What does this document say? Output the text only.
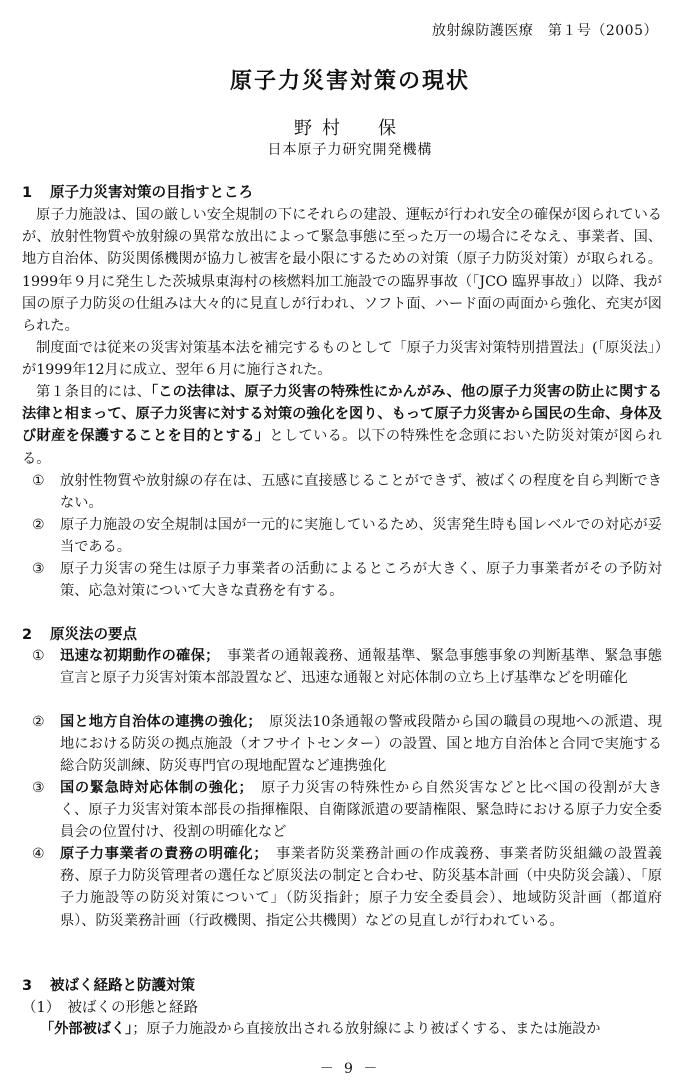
放射線防護医療　第１号（2005）
原子力災害対策の現状
野村　保
日本原子力研究開発機構
1 原子力災害対策の目指すところ
原子力施設は、国の厳しい安全規制の下にそれらの建設、運転が行われ安全の確保が図られているが、放射性物質や放射線の異常な放出によって緊急事態に至った万一の場合にそなえ、事業者、国、地方自治体、防災関係機関が協力し被害を最小限にするための対策（原子力防災対策）が取られる。1999年９月に発生した茨城県東海村の核燃料加工施設での臨界事故（「JCO 臨界事故」）以降、我が国の原子力防災の仕組みは大々的に見直しが行われ、ソフト面、ハード面の両面から強化、充実が図られた。
制度面では従来の災害対策基本法を補完するものとして「原子力災害対策特別措置法」(「原災法」）が1999年12月に成立、翌年６月に施行された。
第１条目的には、「この法律は、原子力災害の特殊性にかんがみ、他の原子力災害の防止に関する法律と相まって、原子力災害に対する対策の強化を図り、もって原子力災害から国民の生命、身体及び財産を保護することを目的とする」としている。以下の特殊性を念頭においた防災対策が図られる。
① 放射性物質や放射線の存在は、五感に直接感じることができず、被ばくの程度を自ら判断できない。
② 原子力施設の安全規制は国が一元的に実施しているため、災害発生時も国レベルでの対応が妥当である。
③ 原子力災害の発生は原子力事業者の活動によるところが大きく、原子力事業者がその予防対策、応急対策について大きな責務を有する。
2 原災法の要点
① 迅速な初期動作の確保；　事業者の通報義務、通報基準、緊急事態事象の判断基準、緊急事態宣言と原子力災害対策本部設置など、迅速な通報と対応体制の立ち上げ基準などを明確化
② 国と地方自治体の連携の強化；　原災法10条通報の警戒段階から国の職員の現地への派遣、現地における防災の拠点施設（オフサイトセンター）の設置、国と地方自治体と合同で実施する総合防災訓練、防災専門官の現地配置など連携強化
③ 国の緊急時対応体制の強化；　原子力災害の特殊性から自然災害などと比べ国の役割が大きく、原子力災害対策本部長の指揮権限、自衛隊派遣の要請権限、緊急時における原子力安全委員会の位置付け、役割の明確化など
④ 原子力事業者の責務の明確化；　事業者防災業務計画の作成義務、事業者防災組織の設置義務、原子力防災管理者の選任など原災法の制定と合わせ、防災基本計画（中央防災会議）、「原子力施設等の防災対策について」（防災指針；原子力安全委員会）、地域防災計画（都道府県）、防災業務計画（行政機関、指定公共機関）などの見直しが行われている。
3 被ばく経路と防護対策
（1）　被ばくの形態と経路
「外部被ばく」；原子力施設から直接放出される放射線により被ばくする、または施設か
－ 9 －
